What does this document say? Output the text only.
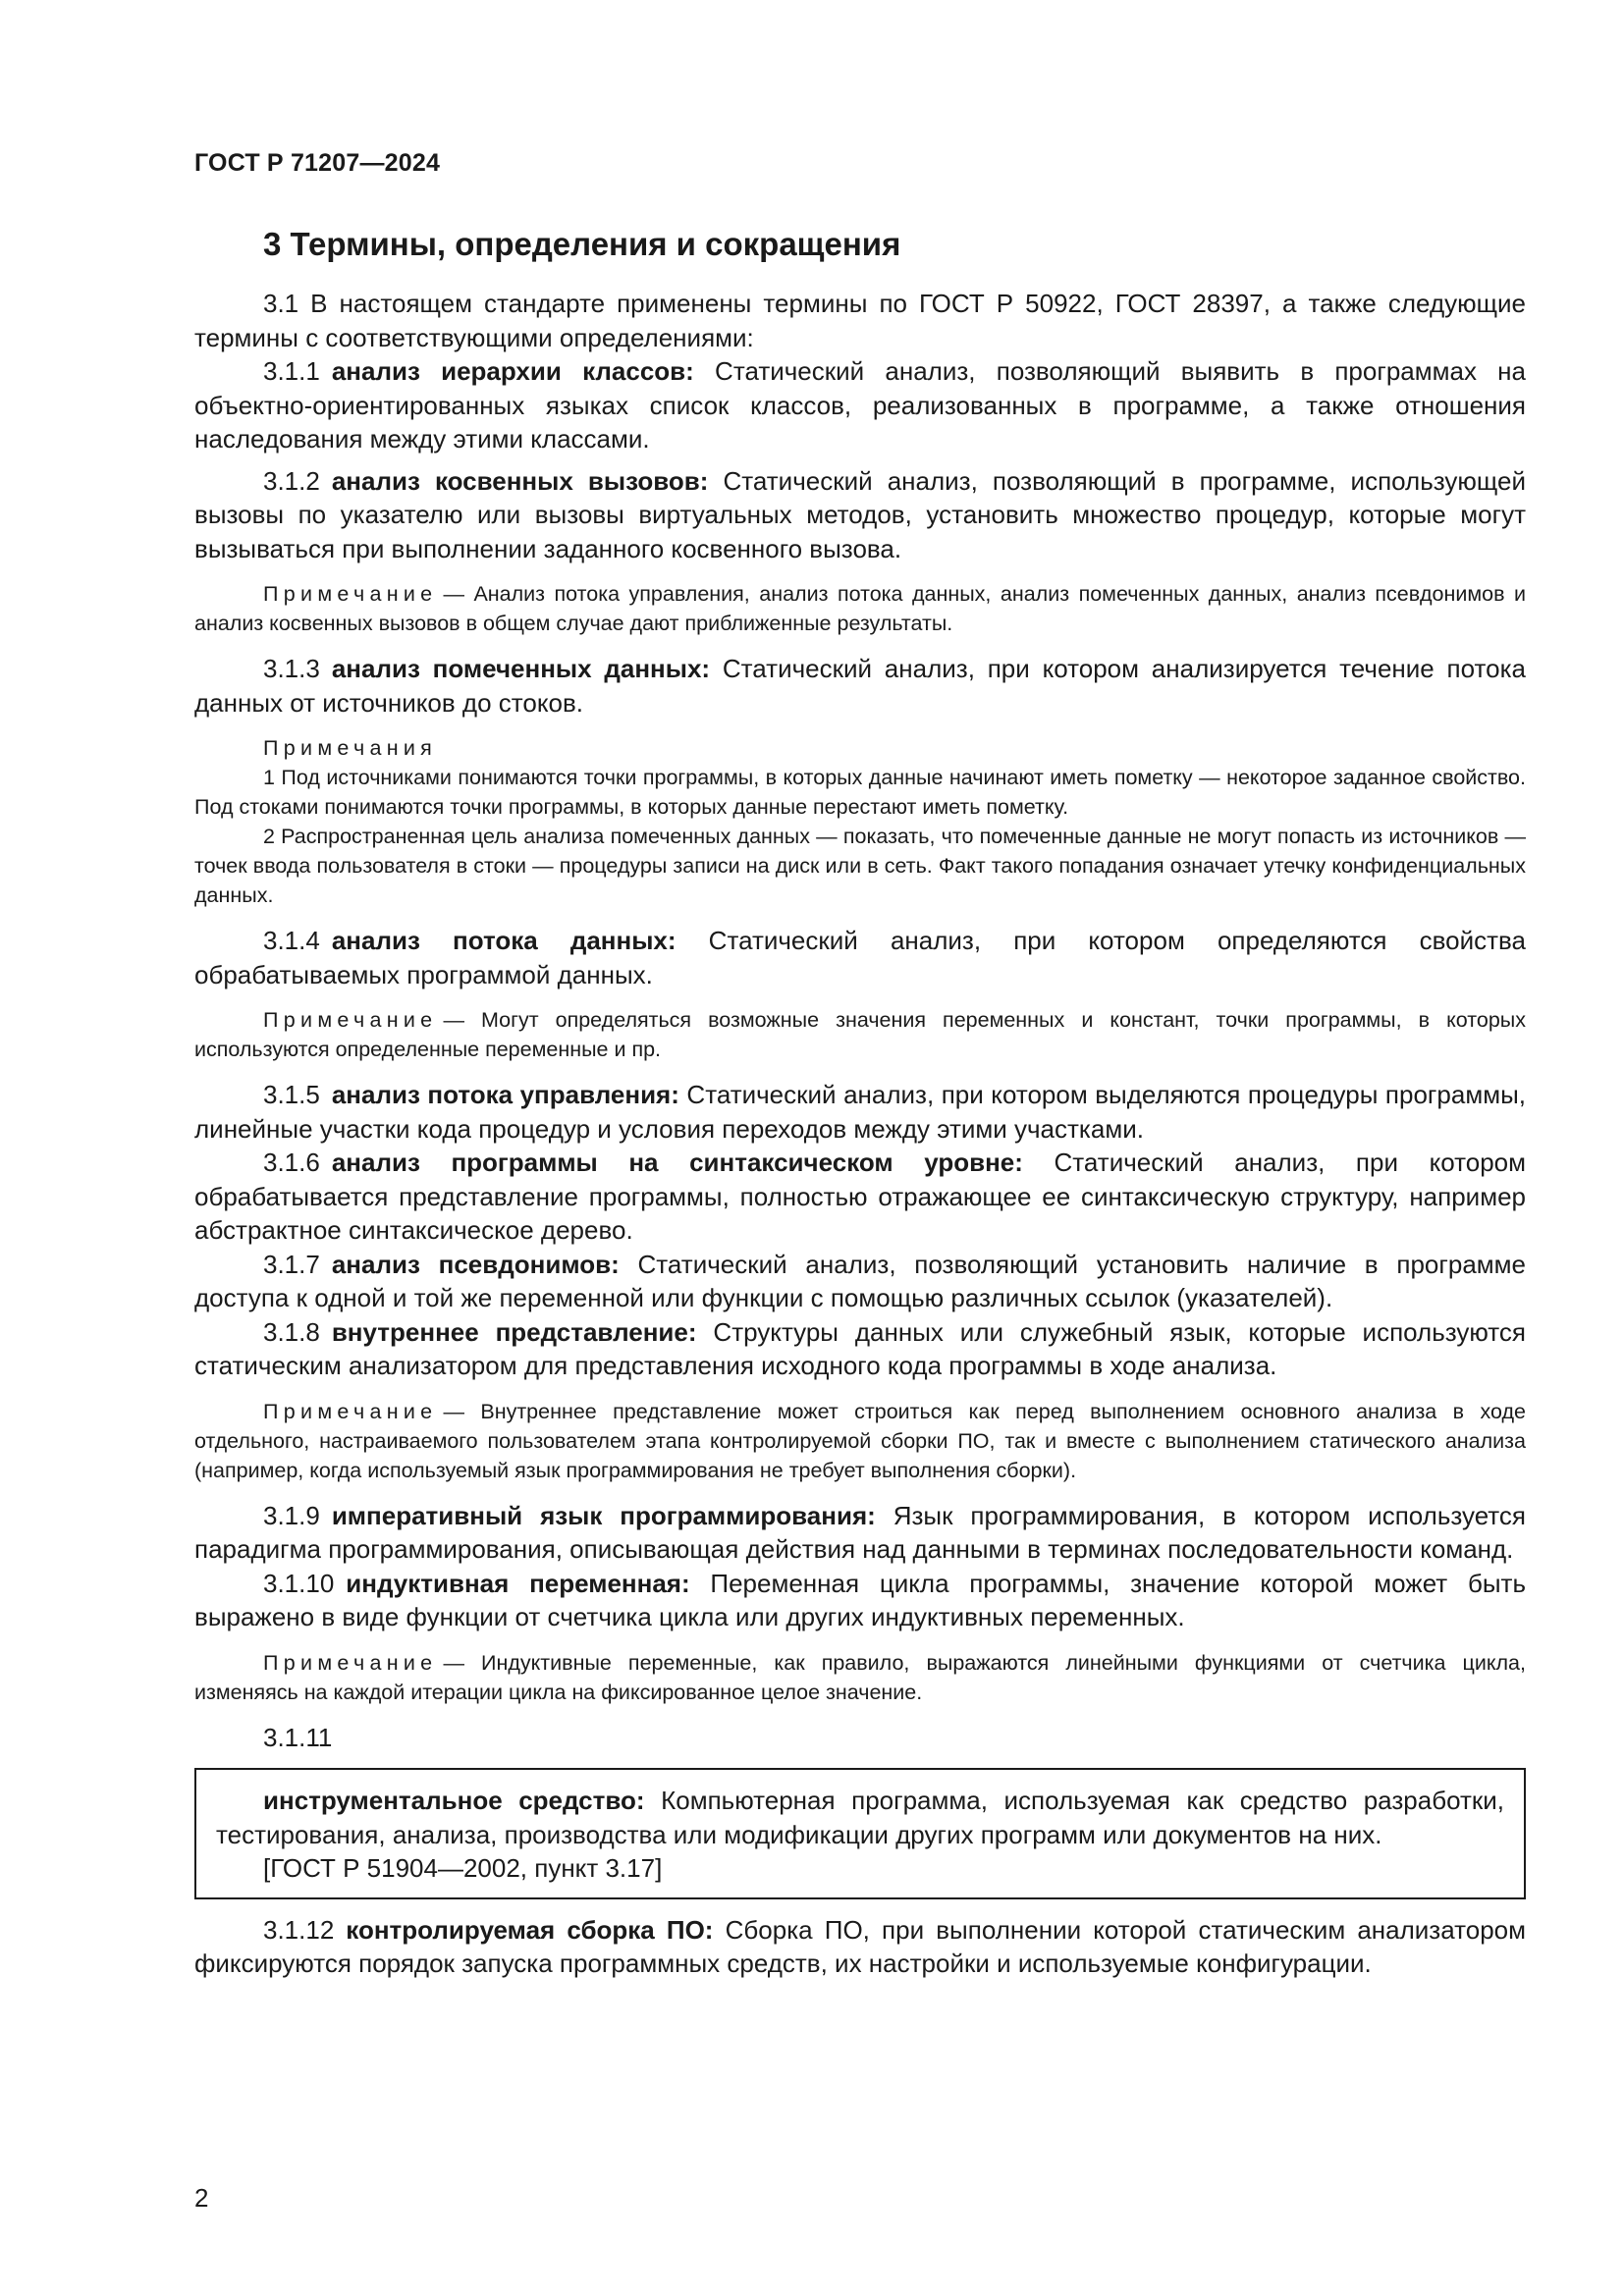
ГОСТ Р 71207—2024
3 Термины, определения и сокращения

3.1 В настоящем стандарте применены термины по ГОСТ Р 50922, ГОСТ 28397, а также следующие термины с соответствующими определениями:

3.1.1 анализ иерархии классов: Статический анализ, позволяющий выявить в программах на объектно-ориентированных языках список классов, реализованных в программе, а также отношения наследования между этими классами.

3.1.2 анализ косвенных вызовов: Статический анализ, позволяющий в программе, использующей вызовы по указателю или вызовы виртуальных методов, установить множество процедур, которые могут вызываться при выполнении заданного косвенного вызова.

Примечание — Анализ потока управления, анализ потока данных, анализ помеченных данных, анализ псевдонимов и анализ косвенных вызовов в общем случае дают приближенные результаты.

3.1.3 анализ помеченных данных: Статический анализ, при котором анализируется течение потока данных от источников до стоков.

Примечания

1 Под источниками понимаются точки программы, в которых данные начинают иметь пометку — некоторое заданное свойство. Под стоками понимаются точки программы, в которых данные перестают иметь пометку.

2 Распространенная цель анализа помеченных данных — показать, что помеченные данные не могут попасть из источников — точек ввода пользователя в стоки — процедуры записи на диск или в сеть. Факт такого попадания означает утечку конфиденциальных данных.

3.1.4 анализ потока данных: Статический анализ, при котором определяются свойства обрабатываемых программой данных.

Примечание — Могут определяться возможные значения переменных и констант, точки программы, в которых используются определенные переменные и пр.

3.1.5 анализ потока управления: Статический анализ, при котором выделяются процедуры программы, линейные участки кода процедур и условия переходов между этими участками.

3.1.6 анализ программы на синтаксическом уровне: Статический анализ, при котором обрабатывается представление программы, полностью отражающее ее синтаксическую структуру, например абстрактное синтаксическое дерево.

3.1.7 анализ псевдонимов: Статический анализ, позволяющий установить наличие в программе доступа к одной и той же переменной или функции с помощью различных ссылок (указателей).

3.1.8 внутреннее представление: Структуры данных или служебный язык, которые используются статическим анализатором для представления исходного кода программы в ходе анализа.

Примечание — Внутреннее представление может строиться как перед выполнением основного анализа в ходе отдельного, настраиваемого пользователем этапа контролируемой сборки ПО, так и вместе с выполнением статического анализа (например, когда используемый язык программирования не требует выполнения сборки).

3.1.9 императивный язык программирования: Язык программирования, в котором используется парадигма программирования, описывающая действия над данными в терминах последовательности команд.

3.1.10 индуктивная переменная: Переменная цикла программы, значение которой может быть выражено в виде функции от счетчика цикла или других индуктивных переменных.

Примечание — Индуктивные переменные, как правило, выражаются линейными функциями от счетчика цикла, изменяясь на каждой итерации цикла на фиксированное целое значение.

3.1.11

инструментальное средство: Компьютерная программа, используемая как средство разработки, тестирования, анализа, производства или модификации других программ или документов на них.

[ГОСТ Р 51904—2002, пункт 3.17]

3.1.12 контролируемая сборка ПО: Сборка ПО, при выполнении которой статическим анализатором фиксируются порядок запуска программных средств, их настройки и используемые конфигурации.

2
